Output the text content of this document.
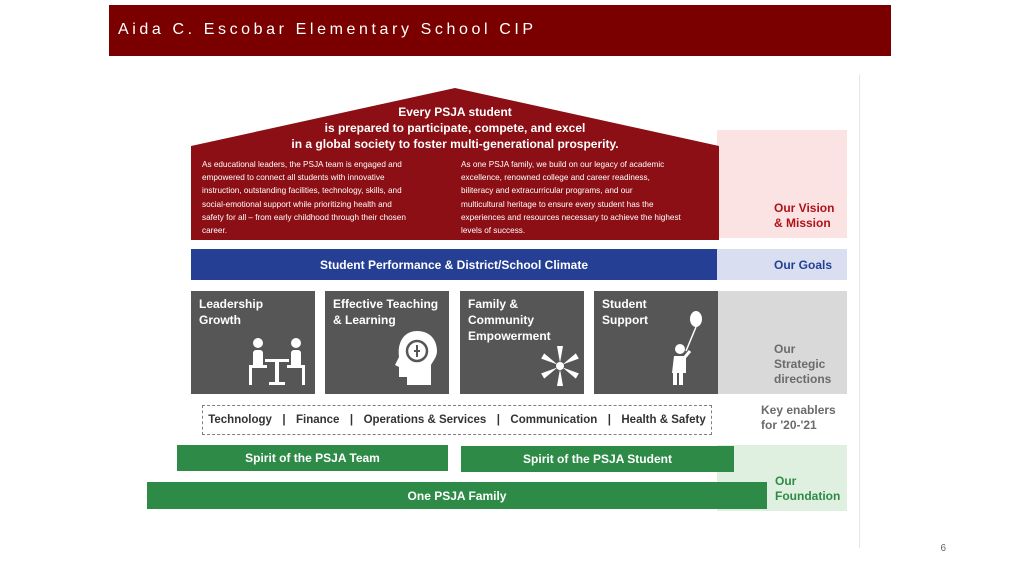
Aida C. Escobar Elementary School CIP
Every PSJA student
is prepared to participate, compete, and excel
in a global society to foster multi-generational prosperity.
As educational leaders, the PSJA team is engaged and
empowered to connect all students with innovative
instruction, outstanding facilities, technology, skills, and
social-emotional support while prioritizing health and
safety for all – from early childhood through their chosen
career.
As one PSJA family, we build on our legacy of academic
excellence, renowned college and career readiness,
biliteracy and extracurricular programs, and our
multicultural heritage to ensure every student has the
experiences and resources necessary to achieve the highest
levels of success.
Our Vision
& Mission
Our Goals
Our
Strategic
directions
Key enablers
for '20-'21
Our
Foundation
Student Performance & District/School Climate
Leadership
Growth
Effective Teaching
& Learning
Family &
Community
Empowerment
Student
Support
Technology | Finance | Operations & Services | Communication | Health & Safety
Spirit of the PSJA Team	Spirit of the PSJA Student
One PSJA Family
6
